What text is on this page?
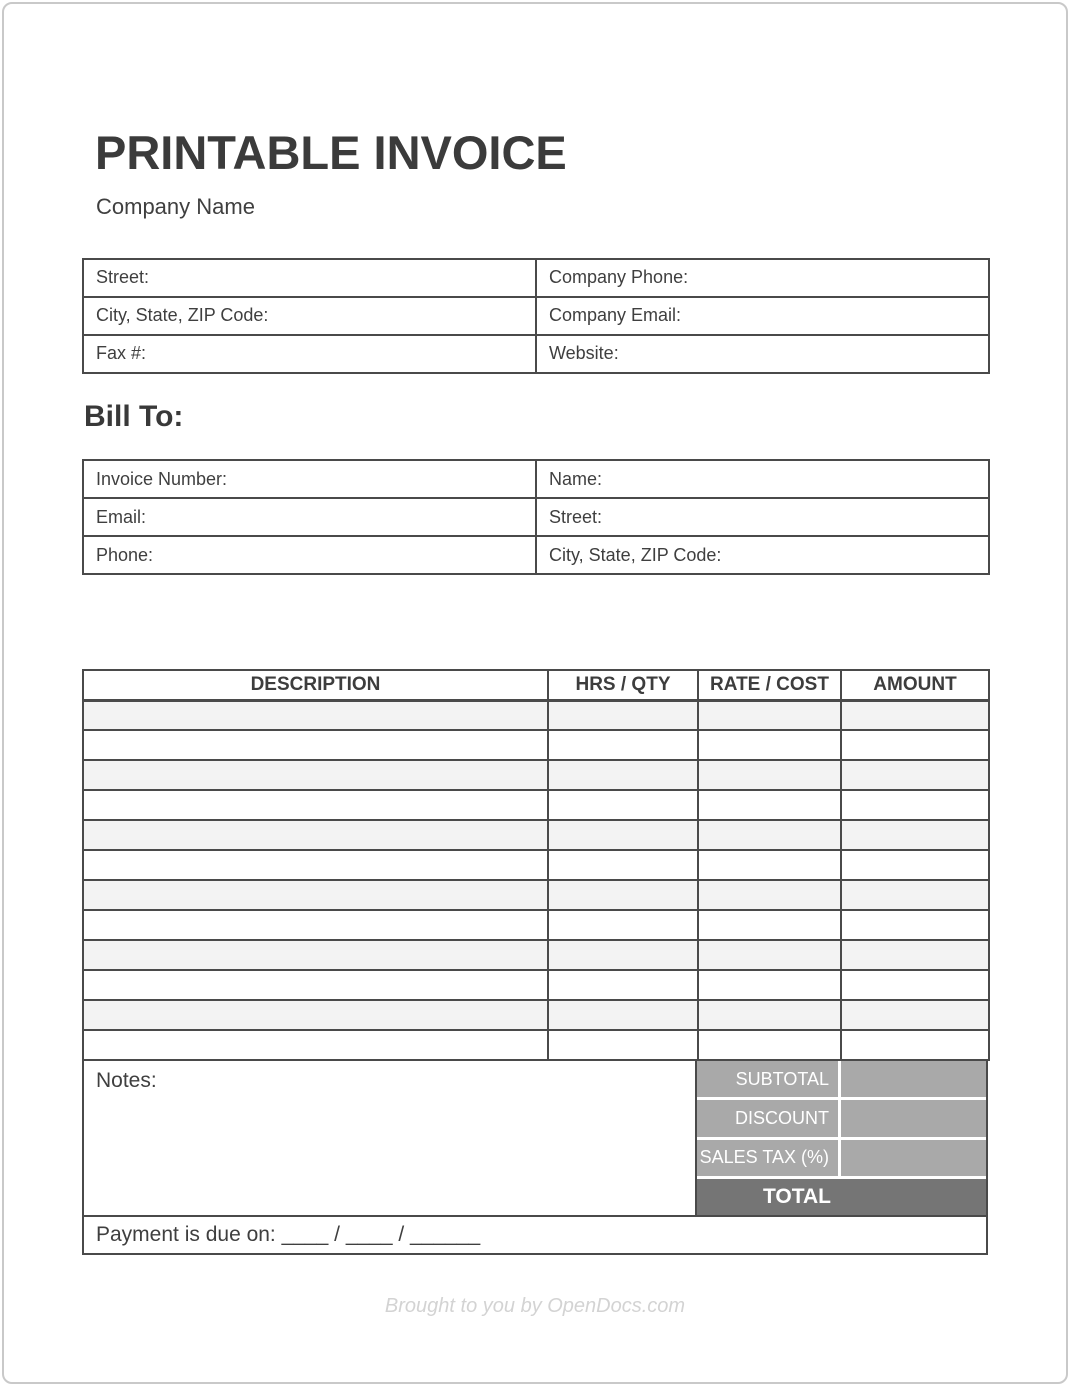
PRINTABLE INVOICE
Company Name
Street:	Company Phone:
City, State, ZIP Code:	Company Email:
Fax #:	Website:
Bill To:
Invoice Number:	Name:
Email:	Street:
Phone:	City, State, ZIP Code:
DESCRIPTION	HRS / QTY	RATE / COST	AMOUNT

Notes:	SUBTOTAL
DISCOUNT
SALES TAX (%)
TOTAL
Payment is due on: ____ / ____ / ______
Brought to you by OpenDocs.com
